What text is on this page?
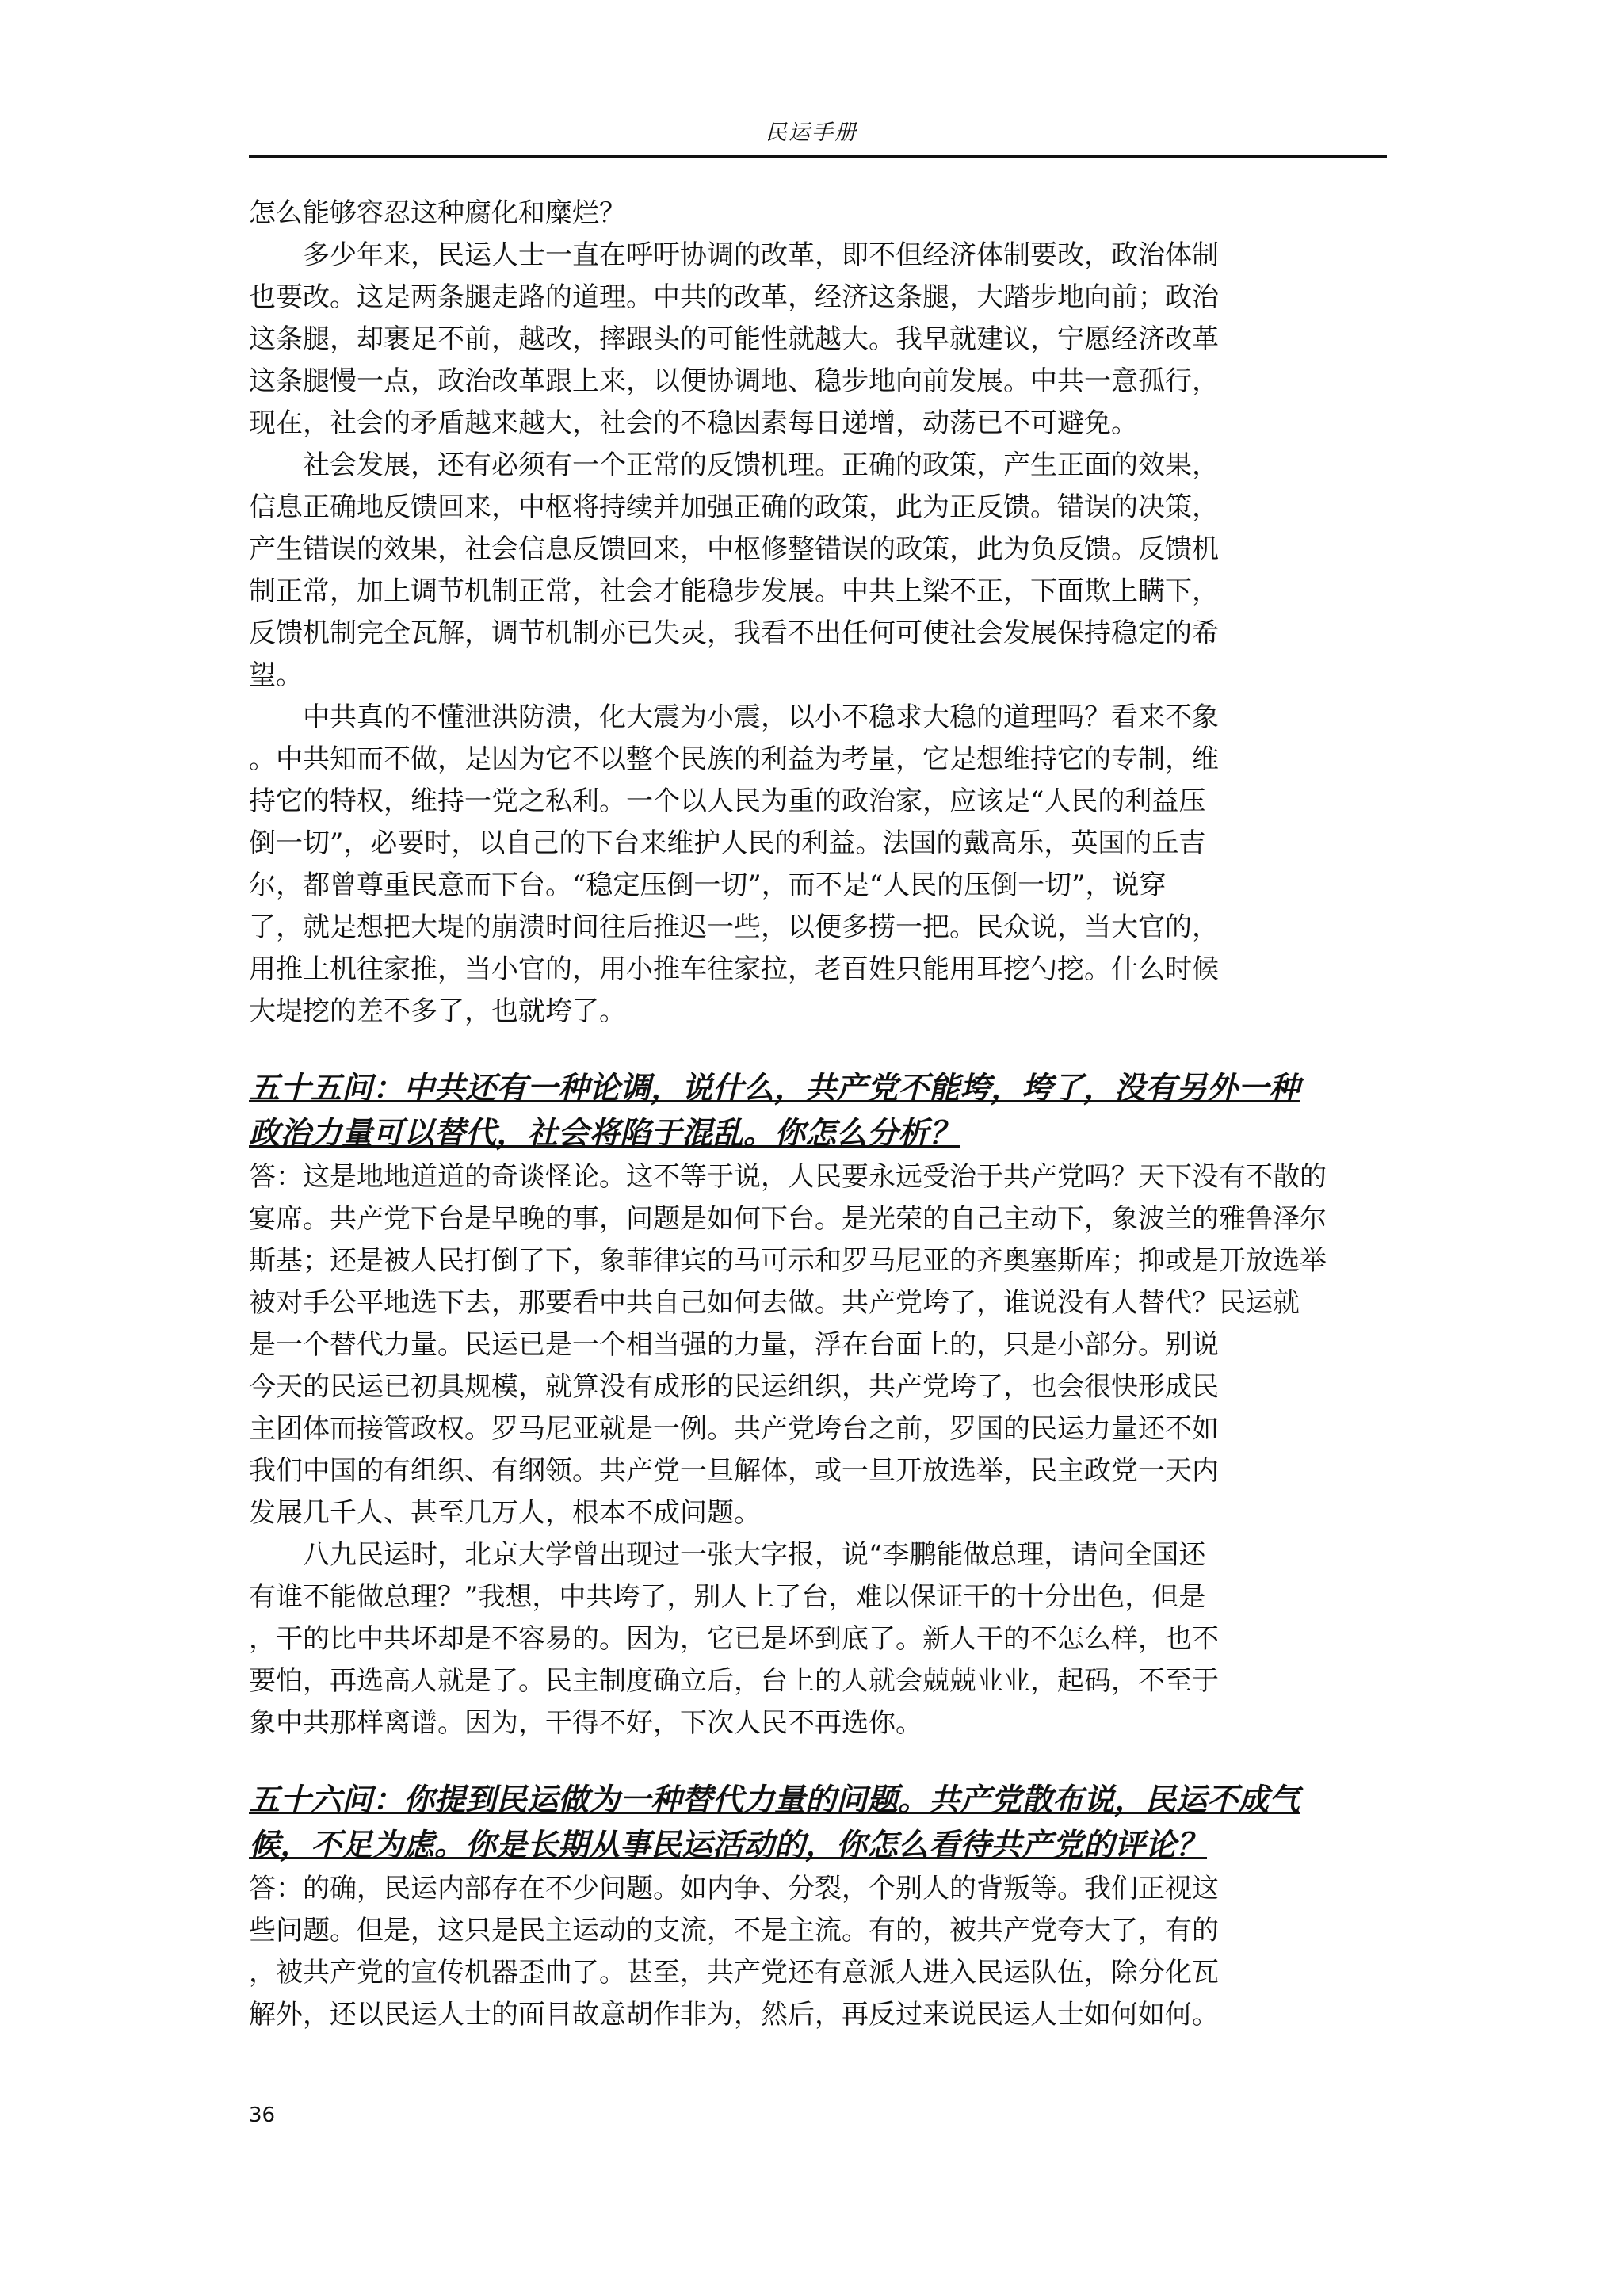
民运手册
怎么能够容忍这种腐化和糜烂？
多少年来，民运人士一直在呼吁协调的改革，即不但经济体制要改，政治体制
也要改。这是两条腿走路的道理。中共的改革，经济这条腿，大踏步地向前；政治
这条腿，却裹足不前，越改，摔跟头的可能性就越大。我早就建议，宁愿经济改革
这条腿慢一点，政治改革跟上来，以便协调地、稳步地向前发展。中共一意孤行，
现在，社会的矛盾越来越大，社会的不稳因素每日递增，动荡已不可避免。
社会发展，还有必须有一个正常的反馈机理。正确的政策，产生正面的效果，
信息正确地反馈回来，中枢将持续并加强正确的政策，此为正反馈。错误的决策，
产生错误的效果，社会信息反馈回来，中枢修整错误的政策，此为负反馈。反馈机
制正常，加上调节机制正常，社会才能稳步发展。中共上梁不正，下面欺上瞒下，
反馈机制完全瓦解，调节机制亦已失灵，我看不出任何可使社会发展保持稳定的希
望。
中共真的不懂泄洪防溃，化大震为小震，以小不稳求大稳的道理吗？看来不象
。中共知而不做，是因为它不以整个民族的利益为考量，它是想维持它的专制，维
持它的特权，维持一党之私利。一个以人民为重的政治家，应该是“人民的利益压
倒一切”，必要时，以自己的下台来维护人民的利益。法国的戴高乐，英国的丘吉
尔，都曾尊重民意而下台。“稳定压倒一切”，而不是“人民的压倒一切”，说穿
了，就是想把大堤的崩溃时间往后推迟一些，以便多捞一把。民众说，当大官的，
用推土机往家推，当小官的，用小推车往家拉，老百姓只能用耳挖勺挖。什么时候
大堤挖的差不多了，也就垮了。
五十五问：中共还有一种论调，说什么，共产党不能垮，垮了，没有另外一种
政治力量可以替代，社会将陷于混乱。你怎么分析？
答：这是地地道道的奇谈怪论。这不等于说，人民要永远受治于共产党吗？天下没有不散的
宴席。共产党下台是早晚的事，问题是如何下台。是光荣的自己主动下，象波兰的雅鲁泽尔
斯基；还是被人民打倒了下，象菲律宾的马可示和罗马尼亚的齐奥塞斯库；抑或是开放选举
被对手公平地选下去，那要看中共自己如何去做。共产党垮了，谁说没有人替代？民运就
是一个替代力量。民运已是一个相当强的力量，浮在台面上的，只是小部分。别说
今天的民运已初具规模，就算没有成形的民运组织，共产党垮了，也会很快形成民
主团体而接管政权。罗马尼亚就是一例。共产党垮台之前，罗国的民运力量还不如
我们中国的有组织、有纲领。共产党一旦解体，或一旦开放选举，民主政党一天内
发展几千人、甚至几万人，根本不成问题。
八九民运时，北京大学曾出现过一张大字报，说“李鹏能做总理，请问全国还
有谁不能做总理？”我想，中共垮了，别人上了台，难以保证干的十分出色，但是
，干的比中共坏却是不容易的。因为，它已是坏到底了。新人干的不怎么样，也不
要怕，再选高人就是了。民主制度确立后，台上的人就会兢兢业业，起码，不至于
象中共那样离谱。因为，干得不好，下次人民不再选你。
五十六问：你提到民运做为一种替代力量的问题。共产党散布说，民运不成气
候，不足为虑。你是长期从事民运活动的，你怎么看待共产党的评论？
答：的确，民运内部存在不少问题。如内争、分裂，个别人的背叛等。我们正视这
些问题。但是，这只是民主运动的支流，不是主流。有的，被共产党夸大了，有的
，被共产党的宣传机器歪曲了。甚至，共产党还有意派人进入民运队伍，除分化瓦
解外，还以民运人士的面目故意胡作非为，然后，再反过来说民运人士如何如何。
36
